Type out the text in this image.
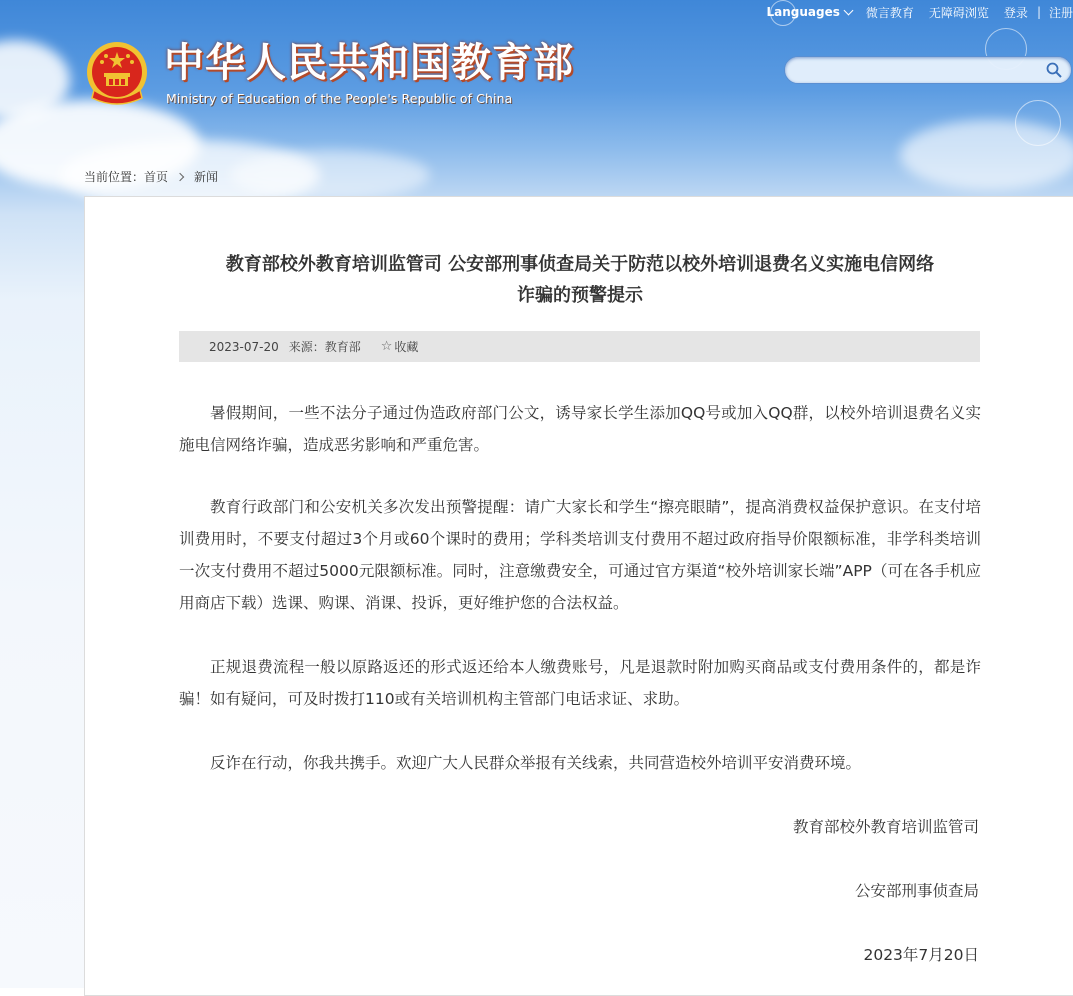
Languages 微言教育 无障碍浏览 登录 | 注册
中华人民共和国教育部
Ministry of Education of the People's Republic of China
当前位置： 首页 新闻
教育部校外教育培训监管司 公安部刑事侦查局关于防范以校外培训退费名义实施电信网络
诈骗的预警提示
2023-07-20 来源：教育部 ☆ 收藏
暑假期间，一些不法分子通过伪造政府部门公文，诱导家长学生添加QQ号或加入QQ群，以校外培训退费名义实施电信网络诈骗，造成恶劣影响和严重危害。
教育行政部门和公安机关多次发出预警提醒：请广大家长和学生“擦亮眼睛”，提高消费权益保护意识。在支付培训费用时，不要支付超过3个月或60个课时的费用；学科类培训支付费用不超过政府指导价限额标准，非学科类培训一次支付费用不超过5000元限额标准。同时，注意缴费安全，可通过官方渠道“校外培训家长端”APP（可在各手机应用商店下载）选课、购课、消课、投诉，更好维护您的合法权益。
正规退费流程一般以原路返还的形式返还给本人缴费账号，凡是退款时附加购买商品或支付费用条件的，都是诈骗！如有疑问，可及时拨打110或有关培训机构主管部门电话求证、求助。
反诈在行动，你我共携手。欢迎广大人民群众举报有关线索，共同营造校外培训平安消费环境。
教育部校外教育培训监管司
公安部刑事侦查局
2023年7月20日
